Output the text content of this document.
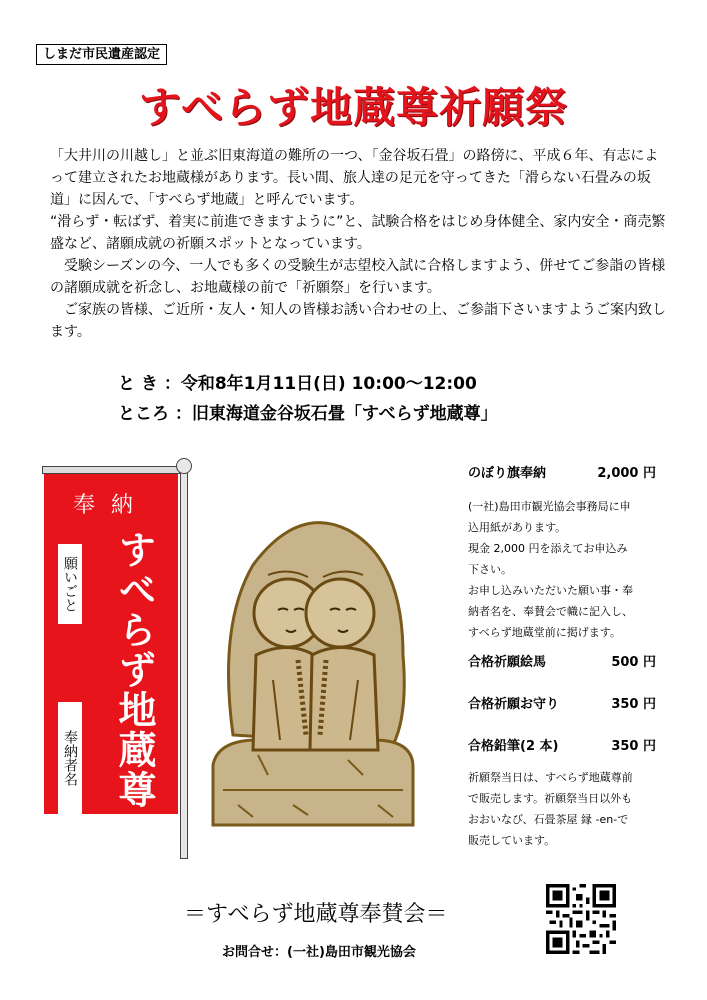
しまだ市民遺産認定
すべらず地蔵尊祈願祭

「大井川の川越し」と並ぶ旧東海道の難所の一つ、「金谷坂石畳」の路傍に、平成６年、有志によって建立されたお地蔵様があります。長い間、旅人達の足元を守ってきた「滑らない石畳みの坂道」に因んで、「すべらず地蔵」と呼んでいます。

“滑らず・転ばず、着実に前進できますように”と、試験合格をはじめ身体健全、家内安全・商売繁盛など、諸願成就の祈願スポットとなっています。

　受験シーズンの今、一人でも多くの受験生が志望校入試に合格しますよう、併せてご参詣の皆様の諸願成就を祈念し、お地蔵様の前で「祈願祭」を行います。

　ご家族の皆様、ご近所・友人・知人の皆様お誘い合わせの上、ご参詣下さいますようご案内致します。

と き ：令和8年1月11日(日) 10:00～12:00
ところ ：旧東海道金谷坂石畳「すべらず地蔵尊」
奉納
すべらず地蔵尊
願いごと
奉納者名
のぼり旗奉納	2,000 円

(一社)島田市観光協会事務局に申
込用紙があります。
現金 2,000 円を添えてお申込み
下さい。
お申し込みいただいた願い事・奉
納者名を、奉賛会で幟に記入し、
すべらず地蔵堂前に掲げます。

合格祈願絵馬	500 円
合格祈願お守り	350 円
合格鉛筆(2 本)	350 円

祈願祭当日は、すべらず地蔵尊前
で販売します。祈願祭当日以外も
おおいなび、石畳茶屋 縁 -en-で
販売しています。

＝すべらず地蔵尊奉賛会＝
お問合せ：(一社)島田市観光協会
